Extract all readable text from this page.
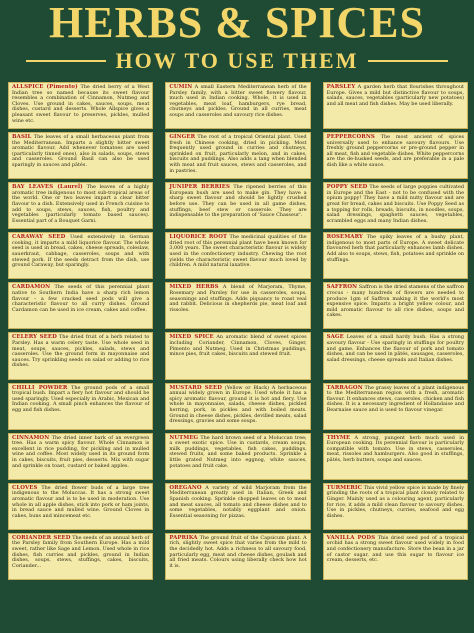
HERBS & SPICES
HOW TO USE THEM
ALLSPICE (Pimento) The dried berry of a West Indian tree so named because its sweet flavour resembles a combination of Cinnamon, Nutmeg and Cloves. Use ground in cakes, sauces, soups, meat dishes, custard and desserts. Whole Allspice gives a pleasant sweet flavour to preserves, pickles, mulled wine etc.
BASIL The leaves of a small herbaceous plant from the Mediterranean. Imparts a slightly bitter sweet aromatic flavour. Add whenever tomatoes are used (particularly tinned ones), also in salads, soups, stews and casseroles. Ground Basil can also be used sparingly in sauces and pâtés.
BAY LEAVES (Laurel) The leaves of a highly aromatic tree indigenous to most sub-tropical areas of the world. One or two leaves impart a clear bitter flavour to a dish. Extensively used in French cuisine to add to soups, stews, sauces, fish, poultry and vegetables (particularly tomato based sauces). Essential part of a Bouquet Garni.
CARAWAY SEED Used extensively in German cooking, it imparts a mild liquorice flavour. The whole seed is used in bread, cakes, cheese spreads, coleslaw, sauerkraut, cabbage, casseroles, soups and with stewed pork. If the seeds detract from the dish, use ground Caraway, but sparingly.
CARDAMON The seeds of this perennial plant native to Southern India have a sharp rich lemon flavour – a few cracked seed pods will give a characteristic flavour to all curry dishes. Ground Cardamon can be used in ice cream, cakes and coffee.
CELERY SEED The dried fruit of a herb related to Parsley. Has a warm celery taste. Use whole seed in meat, soups, sauces, pickles, salads, stews and casseroles. Use the ground form in mayonnaise and sauces. Try sprinkling seeds on salad or adding to rice dishes.
CHILLI POWDER The ground pods of a small tropical bush. Impart a fiery hot flavour and should be used sparingly. Used especially in Arabic, Mexican and Indian cooking. A small pinch enhances the flavour of egg and fish dishes.
CINNAMON The dried inner bark of an evergreen tree. Has a warm spicy flavour. Whole Cinnamon is excellent in rice pudding, for pickling and in mulled wine and coffee. Most widely used in its ground form in cakes, biscuits, fruit pies, desserts. Mix with sugar and sprinkle on toast, custard or baked apples.
CLOVES The dried flower buds of a large tree indigenous to the Moluccas. It has a strong sweet aromatic flavour and is to be used in moderation. Use whole in all apple dishes, stick into pork or ham joints, in bread sauce and mulled wine. Ground Cloves in cakes, buns and mincemeat etc.
CORIANDER SEED The seeds of an annual herb of the Parsley family from Southern Europe. Has a mild sweet, rather like Sage and Lemon. Used whole in rice dishes, fish curries and pickles, ground in Indian dishes, soups, stews, stuffings, cakes, biscuits, Coriander...
CUMIN A small Eastern Mediterranean herb of the Parsley family, with a bitter sweet flowery flavour, much used in Indian cooking. Whole, it is used in vegetables, meat loaf, hamburgers, rye bread, chutneys and pickles. Ground in all curries, meat soups and casseroles and savoury rice dishes.
GINGER The root of a tropical Oriental plant. Used fresh in Chinese cooking, dried in pickling. Most frequently used ground in curries and chutneys, sprinkled on fruit, particularly melon, and in cakes, biscuits and puddings. Also adds a tang when blended with meat and fruit sauces, stews and casseroles, and in pastries.
JUNIPER BERRIES The ripened berries of this European bush are used to make gin. They have a sharp sweet flavour and should be lightly crushed before use. They can be used in all game dishes, stuffings, beef stew or casserole. They are indispensable to the preparation of 'Sauce Chasseur'.
LIQUORICE ROOT The medicinal qualities of the dried root of this perennial plant have been known for 3,000 years. The sweet characteristic flavour is widely used in the confectionery industry. Chewing the root yields the characteristic sweet flavour much loved by children. A mild natural laxative.
MIXED HERBS A blend of Marjoram, Thyme, Rosemary and Parsley for use in casseroles, soups, seasonings and stuffings. Adds piquancy to roast veal and rabbit. Delicious in shepherds pie, meat loaf and rissoles.
MIXED SPICE An aromatic blend of sweet spices including Coriander, Cinnamon, Cloves, Ginger, Pimento and Nutmeg. Used in Christmas puddings, mince pies, fruit cakes, biscuits and stewed fruit.
MUSTARD SEED (Yellow or Black) A herbaceous annual widely grown in Europe. Used whole it has a spicy aromatic flavour, ground it is hot and fiery. Use whole in mayonnaise, salads, cheese dishes, pickled herring, pork, in pickles and with boiled meats. Ground in cheese dishes, pickles, devilled meats, salad dressings, gravies and some soups.
NUTMEG The hard brown seed of a Moluccan tree; a sweet exotic spice. Use in custards, cream soups, milk puddings, vegetables, fish cakes, puddings, stewed fruits, and some baked products. Sprinkle a little grated Nutmeg into eggnog, white sauces, potatoes and fruit cake.
OREGANO A variety of wild Marjoram from the Mediterranean greatly used in Italian, Greek and Spanish cooking. Sprinkle chopped leaves on to meat and meat sauces, all tomato and cheese dishes and to some vegetables, notably eggplant and onion. Essential seasoning for pizzas.
PAPRIKA The ground fruit of the Capsicum plant. A rich, slightly sweet spice that varies from the mild to the decidedly hot. Adds a richness to all savoury food, particularly egg, meat and cheese dishes, goulash and all fried meats. Colours using liberally check how hot it is.
PARSLEY A garden herb that flourishes throughout Europe. Gives a mild but distinctive flavour to soups, salads, sauces, vegetables (particularly new potatoes) and all meat and fish dishes. May be used liberally.
PEPPERCORNS The most ancient of spices universally used to enhance savoury flavours. Use freshly ground peppercorns or pre-ground pepper in all meat, fish and vegetable dishes. White peppercorns are the de-husked seeds, and are preferable in a pale dish like a white sauce.
POPPY SEED The seeds of large poppies cultivated in Europe and the East - not to be confused with the opium poppy! They have a mild nutty flavour and are great for bread, cakes and biscuits. Use Poppy Seed as a topping for rolls, breads, biscuits, in noodles, soups, salad dressings, spaghetti sauces, vegetables, scrambled eggs and many Indian dishes.
ROSEMARY The spiky leaves of a bushy plant, indigenous to most parts of Europe. A sweet delicate flavoured herb that particularly enhances lamb dishes. Add also to soups, stews, fish, potatoes and sprinkle on stuffings.
SAFFRON Saffron is the dried stamens of the saffron crocus - many hundreds of flowers are needed to produce 1gm of Saffron making it the world's most expensive spice. Imparts a bright yellow colour, and mild aromatic flavour to all rice dishes, soups and cakes.
SAGE Leaves of a small hardy bush. Has a strong savoury flavour - Use sparingly in stuffings for poultry and game. Enhances the flavour of pork and tomato dishes, and can be used in pâtés, sausages, casseroles, salad dressings, cheese spreads and Italian dishes.
TARRAGON The grassy leaves of a plant indigenous to the Mediterranean region with a fresh, aromatic flavour. It enhances stews, casseroles, chicken and fish dishes. It is a necessary ingredient of Hollandaise and Bearnaise sauce and is used to flavour vinegar.
THYME A strong, pungent herb much used in European cooking. Its perennial flavour is particularly compatible with tomato. Use in stews, casseroles, meat, rissoles and hamburgers. Also good in stuffings, pâtés, herb butters, soups and sauces.
TURMERIC This vivid yellow spice is made by finely grinding the roots of a tropical plant closely related to Ginger. Mainly used as a colouring agent, particularly for rice, it adds a mild clean flavour to savoury dishes. Use in pickles, chutneys, curries, seafood and egg dishes.
VANILLA PODS This dried seed pod of a tropical orchid has a strong sweet flavour used widely in food and confectionery manufacture. Store the bean in a jar of castor sugar, and use this sugar to flavour ice cream, desserts, etc.
